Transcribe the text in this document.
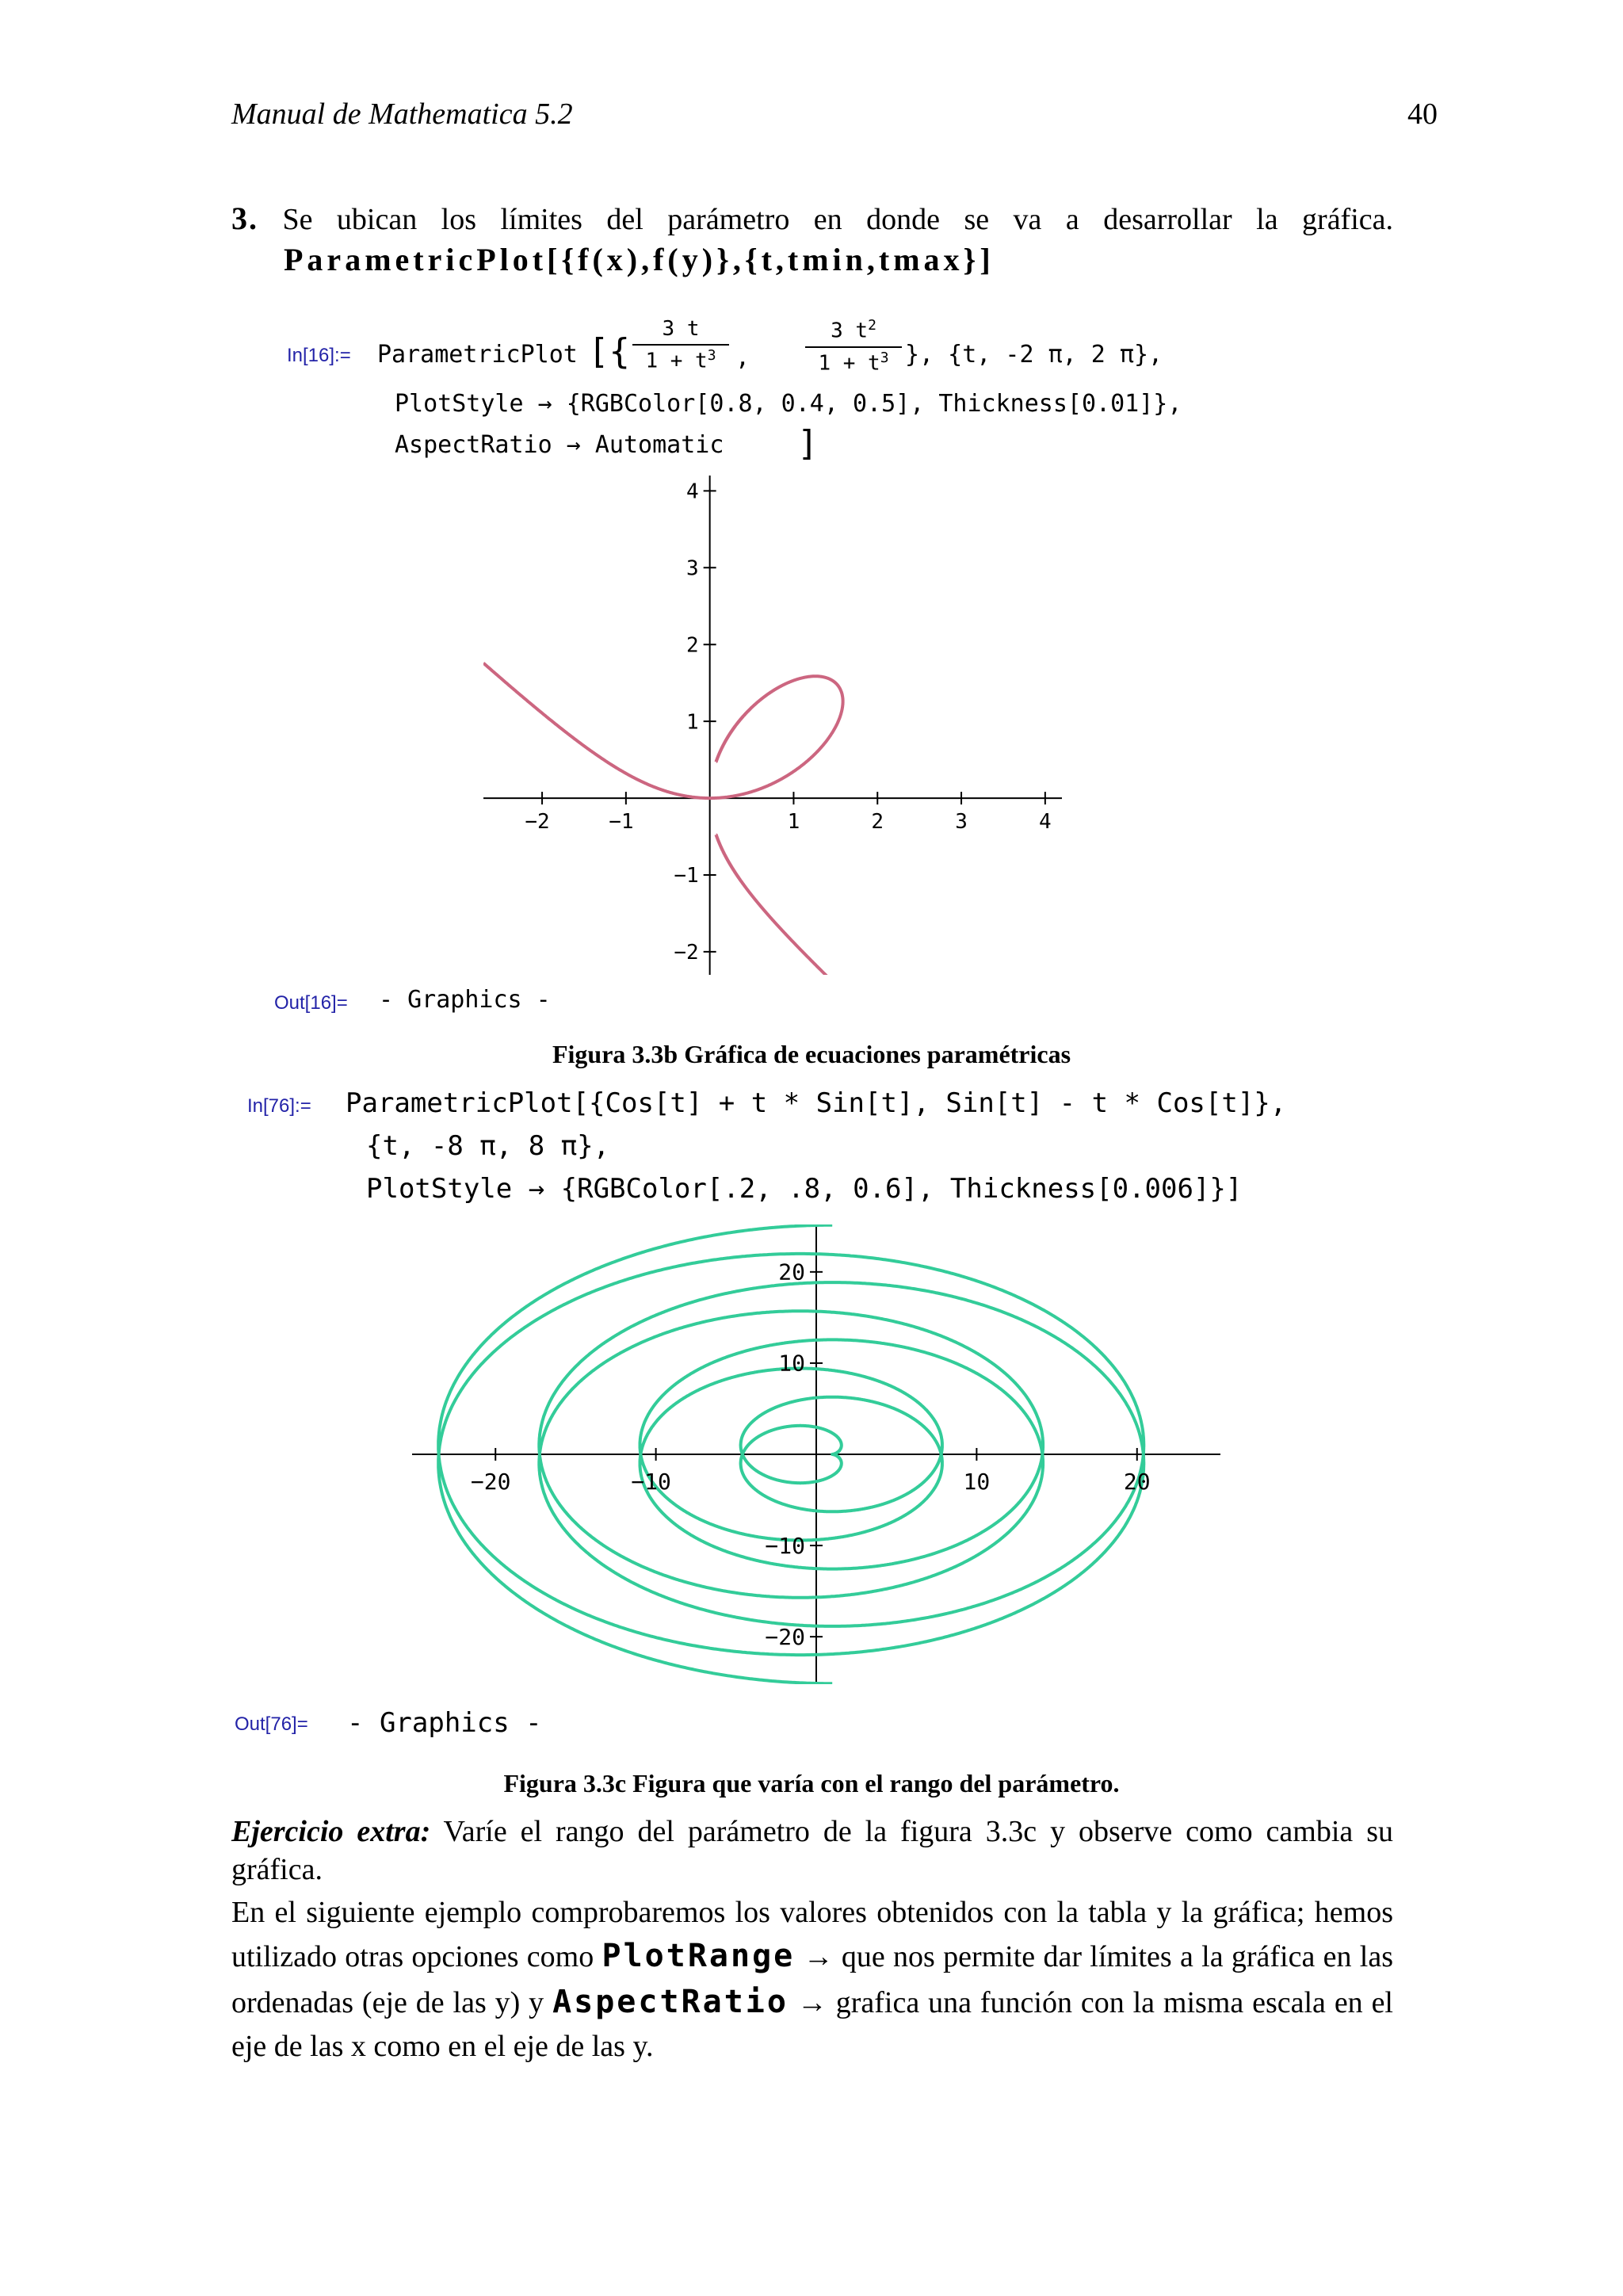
Manual de Mathematica 5.2	40
3. Se ubican los límites del parámetro en donde se va a desarrollar la gráfica.
ParametricPlot[{f(x),f(y)},{t,tmin,tmax}]
In[16]:= ParametricPlot [{
3 t
$1 + t^3$ ,
3 $t^2$
$1 + t^3$ }, {t, -2 π, 2 π},
PlotStyle → {RGBColor[0.8, 0.4, 0.5], Thickness[0.01]},
AspectRatio → Automatic ]
−2	−1	1	2	3	4
4
3
2
1
−1
−2
Out[16]= - Graphics -
Figura 3.3b Gráfica de ecuaciones paramétricas
In[76]:= ParametricPlot[{Cos[t] + t * Sin[t], Sin[t] - t * Cos[t]},
{t, -8 π, 8 π},
PlotStyle → {RGBColor[.2, .8, 0.6], Thickness[0.006]}]
−20	−10	10	20
20
10
−10
−20
Out[76]= - Graphics -
Figura 3.3c Figura que varía con el rango del parámetro.
Ejercicio extra: Varíe el rango del parámetro de la figura 3.3c y observe como cambia su gráfica.
En el siguiente ejemplo comprobaremos los valores obtenidos con la tabla y la gráfica; hemos utilizado otras opciones como PlotRange → que nos permite dar límites a la gráfica en las ordenadas (eje de las y) y AspectRatio → grafica una función con la misma escala en el eje de las x como en el eje de las y.
